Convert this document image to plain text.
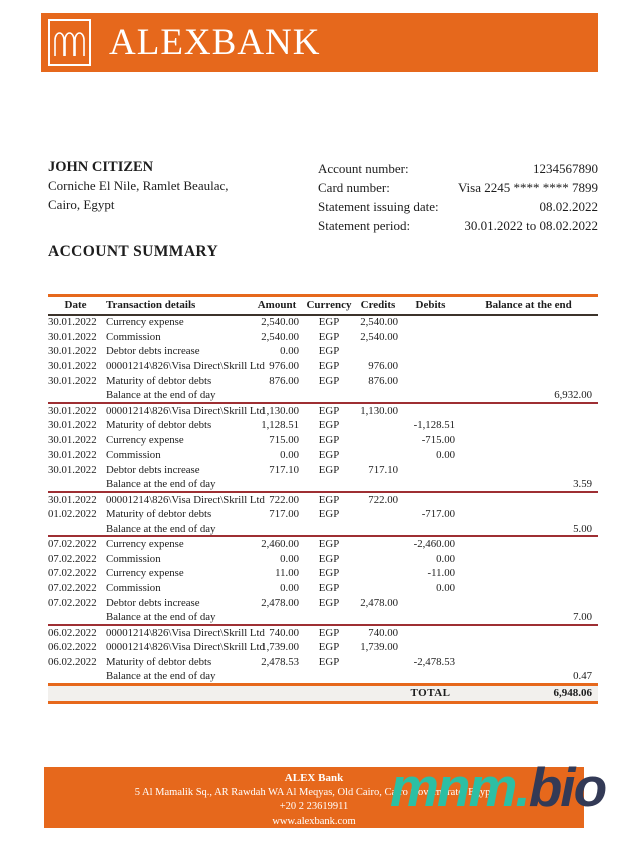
ALEXBANK
JOHN CITIZEN
Corniche El Nile, Ramlet Beaulac,
Cairo, Egypt
Account number:	1234567890
Card number:	Visa 2245 **** **** 7899
Statement issuing date:	08.02.2022
Statement period:	30.01.2022 to 08.02.2022
ACCOUNT SUMMARY
Date	Transaction details	Amount	Currency	Credits	Debits	Balance at the end
30.01.2022	Currency expense	2,540.00	EGP	2,540.00		
30.01.2022	Commission	2,540.00	EGP	2,540.00		
30.01.2022	Debtor debts increase	0.00	EGP			
30.01.2022	00001214\826\Visa Direct\Skrill Ltd	976.00	EGP	976.00		
30.01.2022	Maturity of debtor debts	876.00	EGP	876.00		
	Balance at the end of day					6,932.00
30.01.2022	00001214\826\Visa Direct\Skrill Ltd	1,130.00	EGP	1,130.00		
30.01.2022	Maturity of debtor debts	1,128.51	EGP		-1,128.51	
30.01.2022	Currency expense	715.00	EGP		-715.00	
30.01.2022	Commission	0.00	EGP		0.00	
30.01.2022	Debtor debts increase	717.10	EGP	717.10		
	Balance at the end of day					3.59
30.01.2022	00001214\826\Visa Direct\Skrill Ltd	722.00	EGP	722.00		
01.02.2022	Maturity of debtor debts	717.00	EGP		-717.00	
	Balance at the end of day					5.00
07.02.2022	Currency expense	2,460.00	EGP		-2,460.00	
07.02.2022	Commission	0.00	EGP		0.00	
07.02.2022	Currency expense	11.00	EGP		-11.00	
07.02.2022	Commission	0.00	EGP		0.00	
07.02.2022	Debtor debts increase	2,478.00	EGP	2,478.00		
	Balance at the end of day					7.00
06.02.2022	00001214\826\Visa Direct\Skrill Ltd	740.00	EGP	740.00		
06.02.2022	00001214\826\Visa Direct\Skrill Ltd	1,739.00	EGP	1,739.00		
06.02.2022	Maturity of debtor debts	2,478.53	EGP		-2,478.53	
	Balance at the end of day					0.47
					TOTAL	6,948.06
ALEX Bank
5 Al Mamalik Sq., AR Rawdah WA Al Meqyas, Old Cairo, Cairo Governorate, Egypt
+20 2 23619911
www.alexbank.com
mnm.bio
